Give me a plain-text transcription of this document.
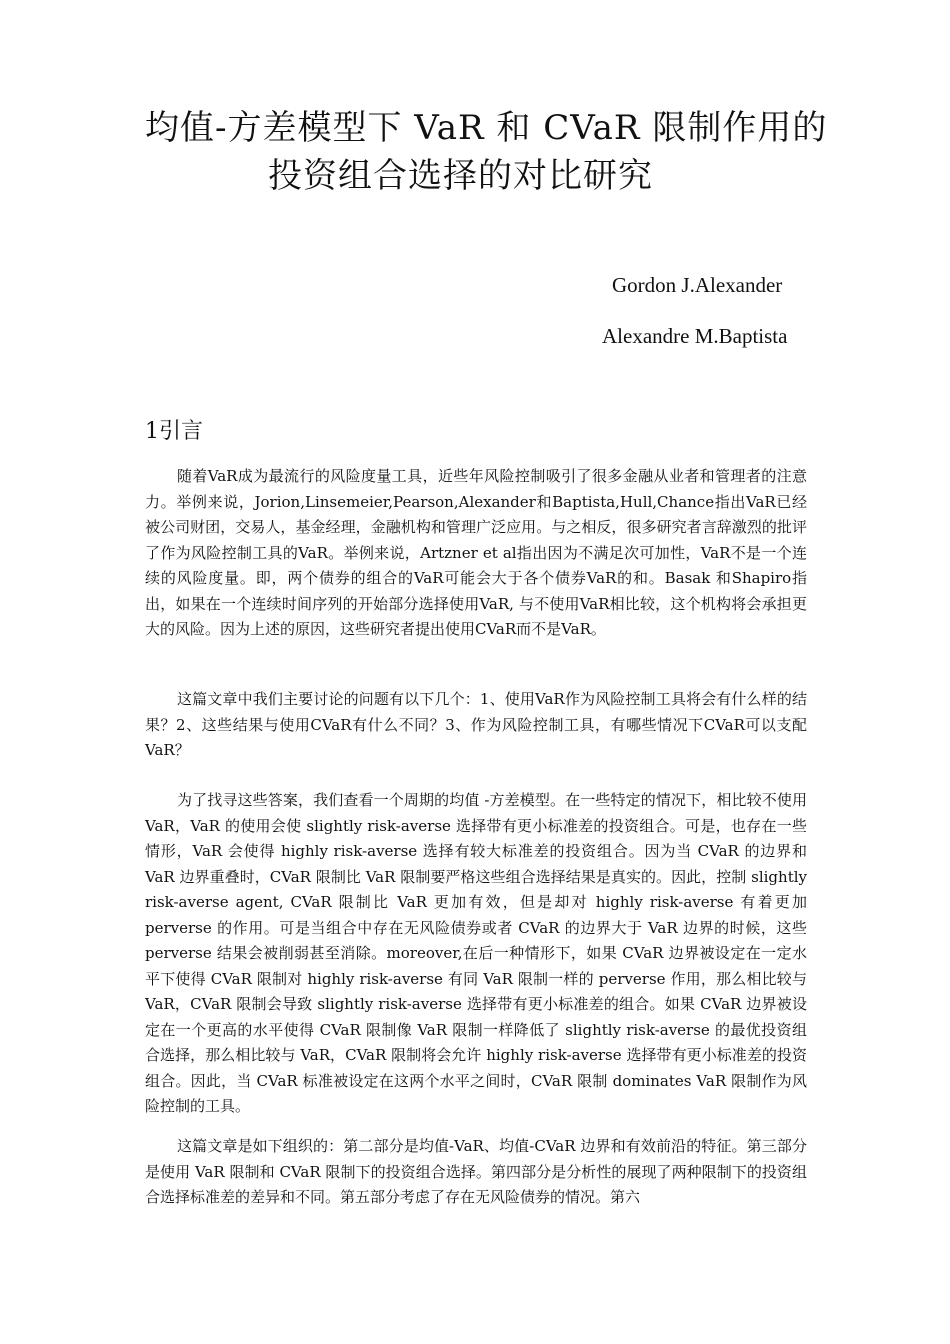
均值-方差模型下 VaR 和 CVaR 限制作用的
投资组合选择的对比研究
Gordon J.Alexander
Alexandre M.Baptista
1引言

随着VaR成为最流行的风险度量工具，近些年风险控制吸引了很多金融从业者和管理者的注意力。举例来说，Jorion,Linsemeier,Pearson,Alexander和Baptista,Hull,Chance指出VaR已经被公司财团，交易人，基金经理，金融机构和管理广泛应用。与之相反，很多研究者言辞激烈的批评了作为风险控制工具的VaR。举例来说，Artzner et al指出因为不满足次可加性，VaR不是一个连续的风险度量。即，两个债券的组合的VaR可能会大于各个债券VaR的和。Basak 和Shapiro指出，如果在一个连续时间序列的开始部分选择使用VaR, 与不使用VaR相比较，这个机构将会承担更大的风险。因为上述的原因，这些研究者提出使用CVaR而不是VaR。

这篇文章中我们主要讨论的问题有以下几个：1、使用VaR作为风险控制工具将会有什么样的结果？2、这些结果与使用CVaR有什么不同？3、作为风险控制工具，有哪些情况下CVaR可以支配VaR？

为了找寻这些答案，我们查看一个周期的均值 -方差模型。在一些特定的情况下，相比较不使用 VaR，VaR 的使用会使 slightly risk-averse 选择带有更小标准差的投资组合。可是，也存在一些情形，VaR 会使得 highly risk-averse 选择有较大标准差的投资组合。因为当 CVaR 的边界和 VaR 边界重叠时，CVaR 限制比 VaR 限制要严格这些组合选择结果是真实的。因此，控制 slightly risk-averse agent, CVaR 限制比 VaR 更加有效，但是却对 highly risk-averse 有着更加 perverse 的作用。可是当组合中存在无风险债券或者 CVaR 的边界大于 VaR 边界的时候，这些 perverse 结果会被削弱甚至消除。moreover,在后一种情形下，如果 CVaR 边界被设定在一定水平下使得 CVaR 限制对 highly risk-averse 有同 VaR 限制一样的 perverse 作用，那么相比较与 VaR，CVaR 限制会导致 slightly risk-averse 选择带有更小标准差的组合。如果 CVaR 边界被设定在一个更高的水平使得 CVaR 限制像 VaR 限制一样降低了 slightly risk-averse 的最优投资组合选择，那么相比较与 VaR，CVaR 限制将会允许 highly risk-averse 选择带有更小标准差的投资组合。因此，当 CVaR 标准被设定在这两个水平之间时，CVaR 限制 dominates VaR 限制作为风险控制的工具。

这篇文章是如下组织的：第二部分是均值-VaR、均值-CVaR 边界和有效前沿的特征。第三部分是使用 VaR 限制和 CVaR 限制下的投资组合选择。第四部分是分析性的展现了两种限制下的投资组合选择标准差的差异和不同。第五部分考虑了存在无风险债券的情况。第六
